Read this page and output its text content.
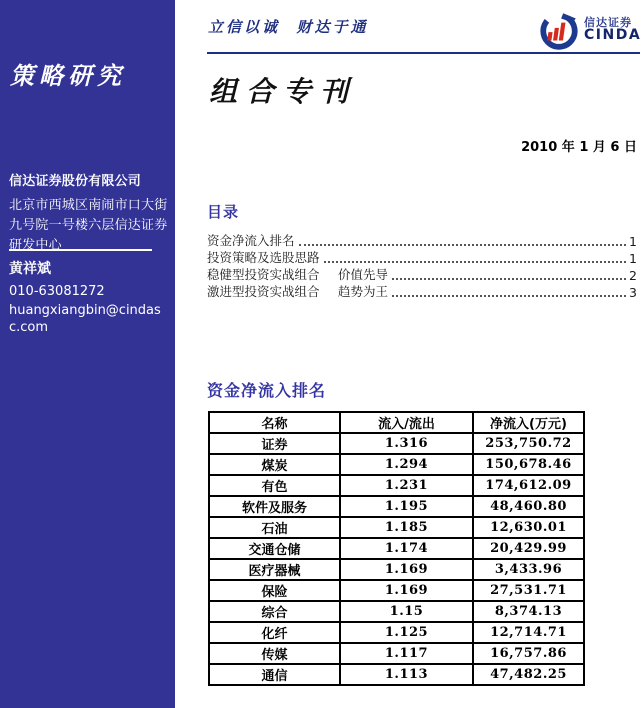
策略研究
信达证券股份有限公司
北京市西城区南闹市口大街九号院一号楼六层信达证券研发中心
黄祥斌
010-63081272
huangxiangbin@cindasc.com
立信以诚  财达于通	信达证券
CINDA
组合专刊
2010 年 1 月 6 日
目录
资金净流入排名	1
投资策略及选股思路	1
稳健型投资实战组合	价值先导	2
激进型投资实战组合	趋势为王	3
资金净流入排名
名称	流入/流出	净流入(万元)
证券	1.316	253,750.72
煤炭	1.294	150,678.46
有色	1.231	174,612.09
软件及服务	1.195	48,460.80
石油	1.185	12,630.01
交通仓储	1.174	20,429.99
医疗器械	1.169	3,433.96
保险	1.169	27,531.71
综合	1.15	8,374.13
化纤	1.125	12,714.71
传媒	1.117	16,757.86
通信	1.113	47,482.25
